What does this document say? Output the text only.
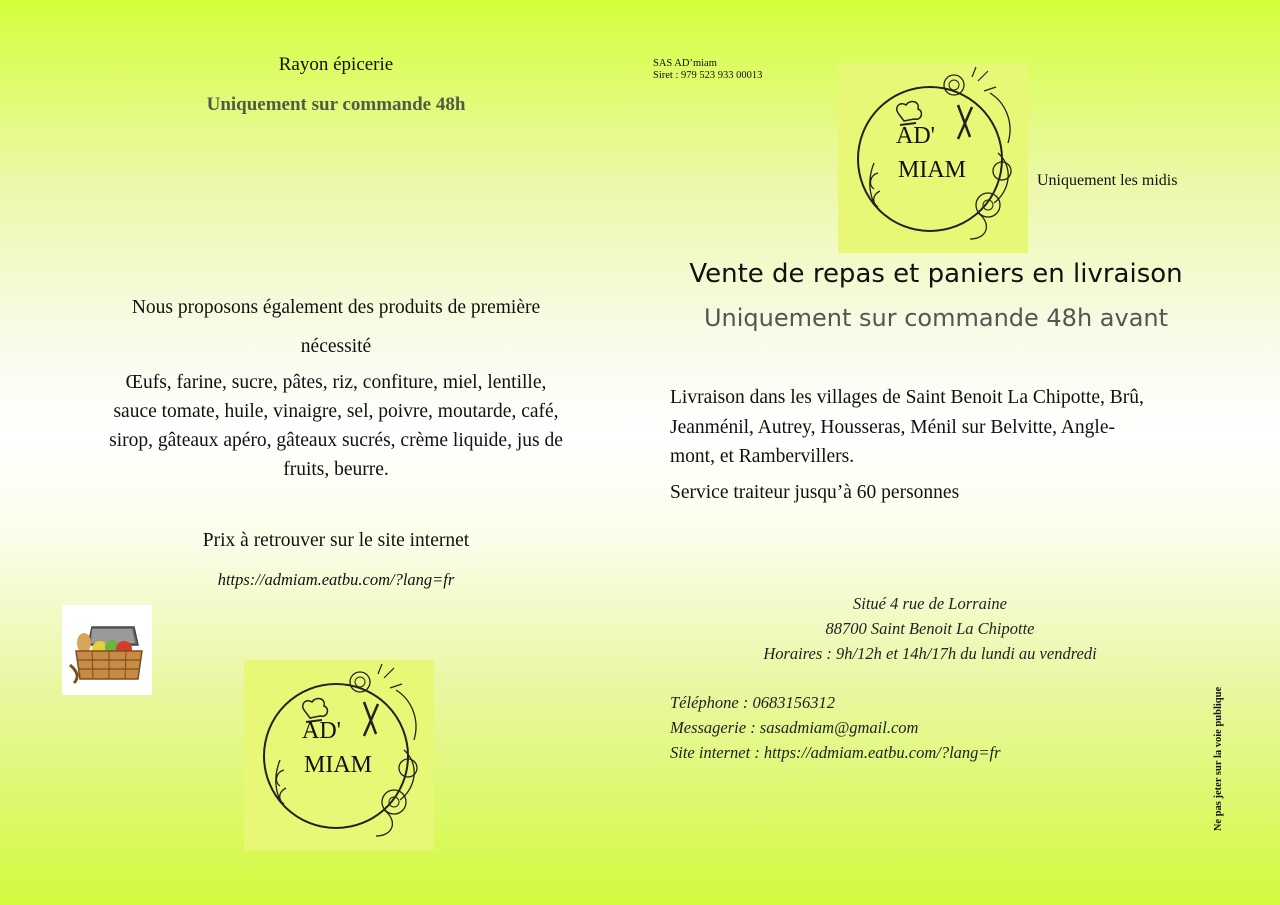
Rayon épicerie
Uniquement sur commande 48h
Nous proposons également des produits de première
nécessité
Œufs, farine, sucre, pâtes, riz, confiture, miel, lentille,
sauce tomate, huile, vinaigre, sel, poivre, moutarde, café,
sirop, gâteaux apéro, gâteaux sucrés, crème liquide, jus de
fruits, beurre.
Prix à retrouver sur le site internet
https://admiam.eatbu.com/?lang=fr
AD'
MIAM
SAS AD’miam
Siret : 979 523 933 00013
AD'
MIAM	Uniquement les midis
Vente de repas et paniers en livraison
Uniquement sur commande 48h avant
Livraison dans les villages de Saint Benoit La Chipotte, Brû,
Jeanménil, Autrey, Housseras, Ménil sur Belvitte, Angle-
mont, et Rambervillers.
Service traiteur jusqu’à 60 personnes
Situé 4 rue de Lorraine
88700 Saint Benoit La Chipotte
Horaires : 9h/12h et 14h/17h du lundi au vendredi
Téléphone : 0683156312
Messagerie : sasadmiam@gmail.com
Site internet : https://admiam.eatbu.com/?lang=fr	Ne pas jeter sur la voie publique
